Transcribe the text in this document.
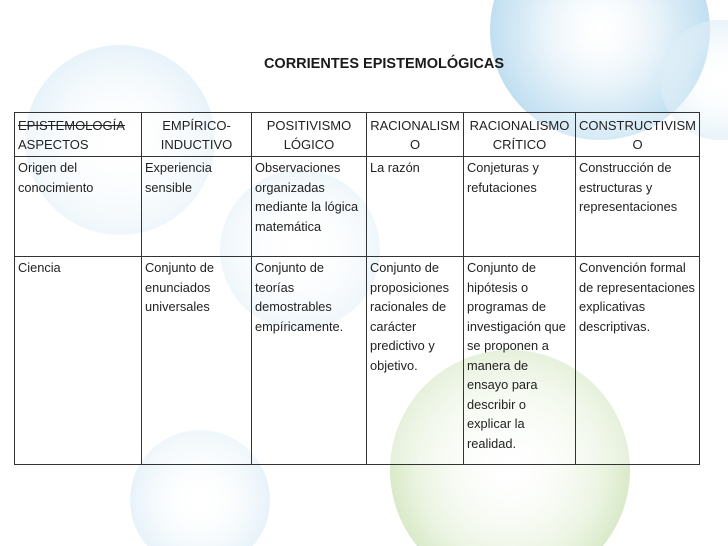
CORRIENTES EPISTEMOLÓGICAS
EPISTEMOLOGÍA
ASPECTOS	EMPÍRICO-INDUCTIVO	POSITIVISMO LÓGICO	RACIONALISMO	RACIONALISMO CRÍTICO	CONSTRUCTIVISMO
Origen del conocimiento	Experiencia sensible	Observaciones organizadas mediante la lógica matemática	La razón	Conjeturas y refutaciones	Construcción de estructuras y representaciones
Ciencia	Conjunto de enunciados universales	Conjunto de teorías demostrables empíricamente.	Conjunto de proposiciones racionales de carácter predictivo y objetivo.	Conjunto de hipótesis o programas de investigación que se proponen a manera de ensayo para describir o explicar la realidad.	Convención formal de representaciones explicativas descriptivas.
